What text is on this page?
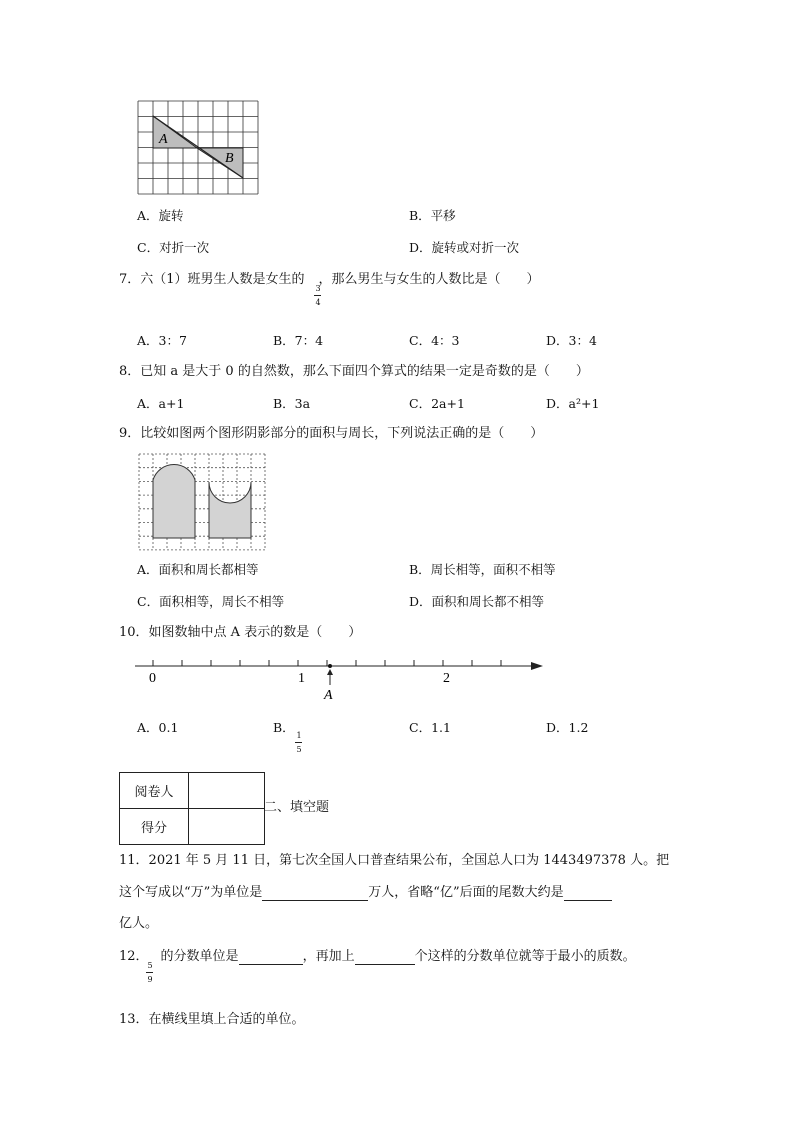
A
B
A．旋转	B．平移
C．对折一次	D．旋转或对折一次
7．六（1）班男生人数是女生的 ，那么男生与女生的人数比是（　　）
3
4
A．3：7	B．7：4	C．4：3	D．3：4
8．已知 a 是大于 0 的自然数，那么下面四个算式的结果一定是奇数的是（　　）
A．a+1	B．3a	C．2a+1	D．a²+1
9．比较如图两个图形阴影部分的面积与周长，下列说法正确的是（　　）
A．面积和周长都相等	B．周长相等，面积不相等
C．面积相等，周长不相等	D．面积和周长都不相等
10．如图数轴中点 A 表示的数是（　　）
0	1	2
A
A．0.1	B．
1
5
C．1.1	D．1.2
阅卷人	
得分	
二、填空题
11．2021 年 5 月 11 日，第七次全国人口普查结果公布，全国总人口为 1443497378 人。把
这个写成以“万”为单位是	万人，省略“亿”后面的尾数大约是
亿人。
12． 的分数单位是	，再加上	个这样的分数单位就等于最小的质数。
5
9
13．在横线里填上合适的单位。
